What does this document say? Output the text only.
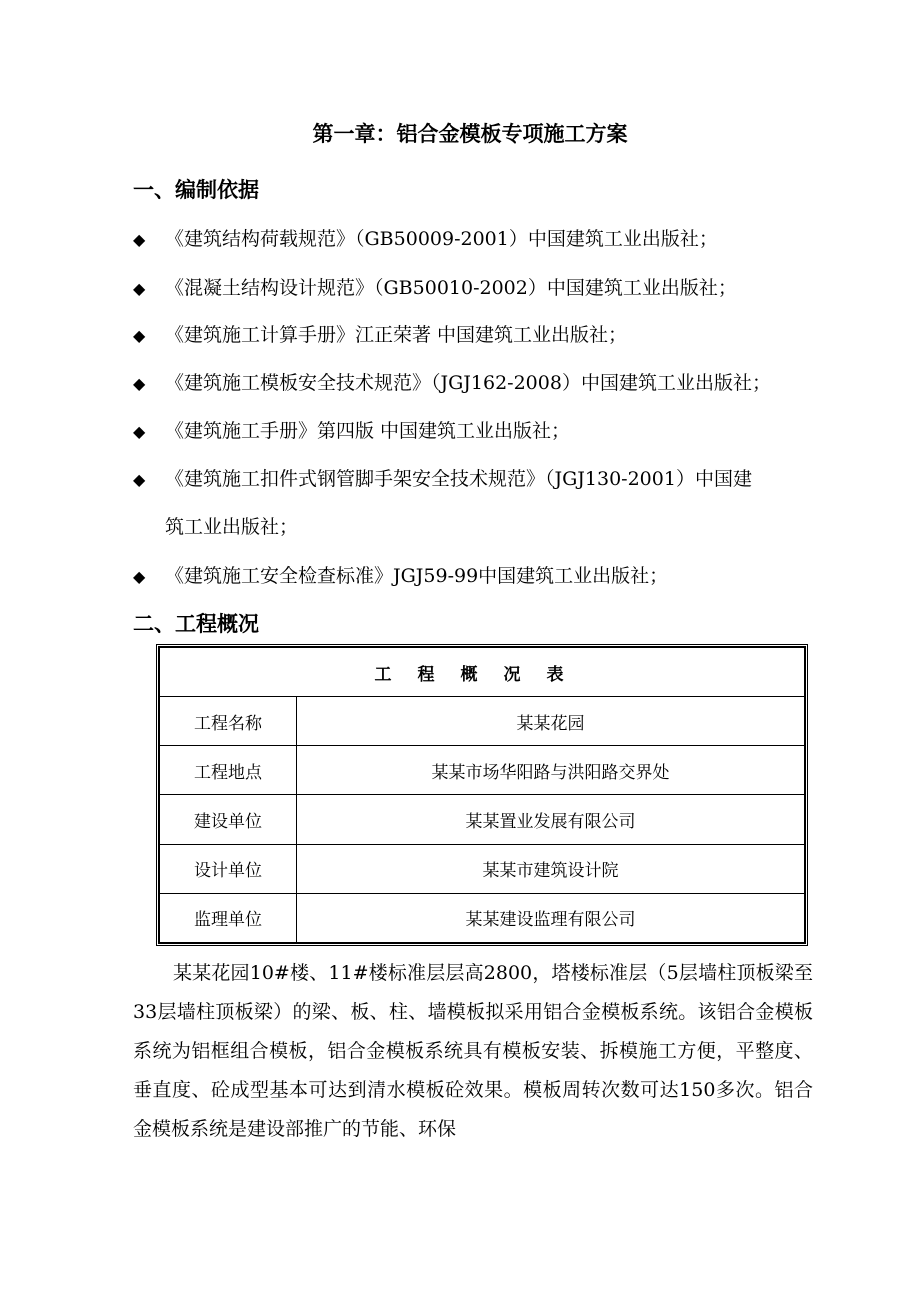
第一章：铝合金模板专项施工方案
一、编制依据
◆ 《建筑结构荷载规范》（GB50009-2001）中国建筑工业出版社；
◆ 《混凝土结构设计规范》（GB50010-2002）中国建筑工业出版社；
◆ 《建筑施工计算手册》江正荣著 中国建筑工业出版社；
◆ 《建筑施工模板安全技术规范》（JGJ162-2008）中国建筑工业出版社；
◆ 《建筑施工手册》第四版 中国建筑工业出版社；
◆ 《建筑施工扣件式钢管脚手架安全技术规范》（JGJ130-2001）中国建
筑工业出版社；
◆ 《建筑施工安全检查标准》JGJ59-99中国建筑工业出版社；
二、工程概况
工程概况表	
工程名称	某某花园
工程地点	某某市场华阳路与洪阳路交界处
建设单位	某某置业发展有限公司
设计单位	某某市建筑设计院
监理单位	某某建设监理有限公司
某某花园10#楼、11#楼标准层层高2800，塔楼标准层（5层墙柱顶板梁至33层墙柱顶板梁）的梁、板、柱、墙模板拟采用铝合金模板系统。该铝合金模板系统为铝框组合模板，铝合金模板系统具有模板安装、拆模施工方便，平整度、垂直度、砼成型基本可达到清水模板砼效果。模板周转次数可达150多次。铝合金模板系统是建设部推广的节能、环保
